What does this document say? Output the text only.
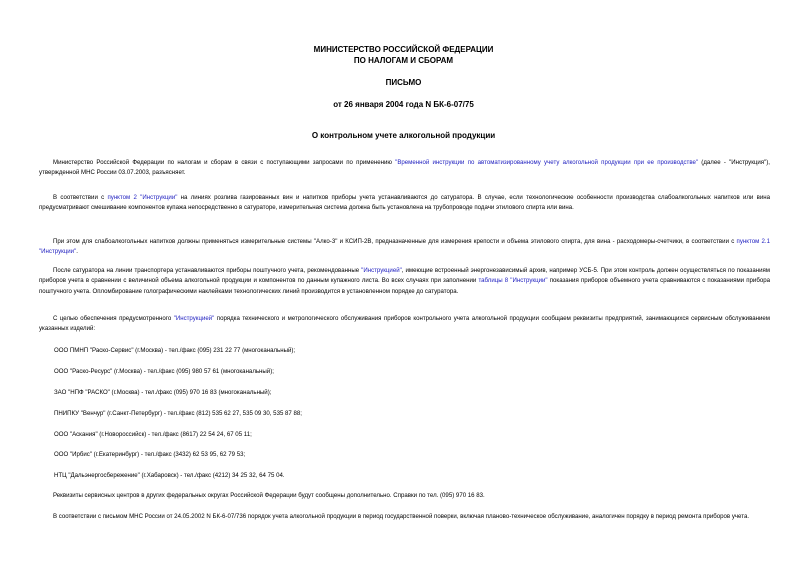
МИНИСТЕРСТВО РОССИЙСКОЙ ФЕДЕРАЦИИ
ПО НАЛОГАМ И СБОРАМ
ПИСЬМО
от 26 января 2004 года N БК-6-07/75
О контрольном учете алкогольной продукции
Министерство Российской Федерации по налогам и сборам в связи с поступающими запросами по применению "Временной инструкции по автоматизированному учету алкогольной продукции при ее производстве" (далее - "Инструкция"), утвержденной МНС России 03.07.2003, разъясняет.
В соответствии с пунктом 2 "Инструкции" на линиях розлива газированных вин и напитков приборы учета устанавливаются до сатуратора. В случае, если технологические особенности производства слабоалкогольных напитков или вина предусматривают смешивание компонентов купажа непосредственно в сатураторе, измерительная система должна быть установлена на трубопроводе подачи этилового спирта или вина.
При этом для слабоалкогольных напитков должны применяться измерительные системы "Алко-3" и КСИП-2В, предназначенные для измерения крепости и объема этилового спирта, для вина - расходомеры-счетчики, в соответствии с пунктом 2.1 "Инструкции".
После сатуратора на линии транспортера устанавливаются приборы поштучного учета, рекомендованные "Инструкцией", имеющие встроенный энергонезависимый архив, например УСБ-5. При этом контроль должен осуществляться по показаниям приборов учета в сравнении с величиной объема алкогольной продукции и компонентов по данным купажного листа. Во всех случаях при заполнении таблицы 8 "Инструкции" показания приборов объемного учета сравниваются с показаниями прибора поштучного учета. Опломбирование голографическими наклейками технологических линий производится в установленном порядке до сатуратора.
С целью обеспечения предусмотренного "Инструкцией" порядка технического и метрологического обслуживания приборов контрольного учета алкогольной продукции сообщаем реквизиты предприятий, занимающихся сервисным обслуживанием указанных изделий:
ООО ПМНП "Раско-Сервис" (г.Москва) - тел./факс (095) 231 22 77 (многоканальный);
ООО "Раско-Ресурс" (г.Москва) - тел./факс (095) 980 57 61 (многоканальный);
ЗАО "НПФ "РАСКО" (г.Москва) - тел./факс (095) 970 16 83 (многоканальный);
ПНИПКУ "Венчур" (г.Санкт-Петербург) - тел./факс (812) 535 62 27, 535 09 30, 535 87 88;
ООО "Аскания" (г.Новороссийск) - тел./факс (8617) 22 54 24, 67 05 11;
ООО "Ирбис" (г.Екатеринбург) - тел./факс (3432) 62 53 95, 62 79 53;
НТЦ "Дальэнергосбережение" (г.Хабаровск) - тел./факс (4212) 34 25 32, 64 75 04.
Реквизиты сервисных центров в других федеральных округах Российской Федерации будут сообщены дополнительно. Справки по тел. (095) 970 16 83.
В соответствии с письмом МНС России от 24.05.2002 N БК-6-07/736 порядок учета алкогольной продукции в период государственной поверки, включая планово-техническое обслуживание, аналогичен порядку в период ремонта приборов учета.
